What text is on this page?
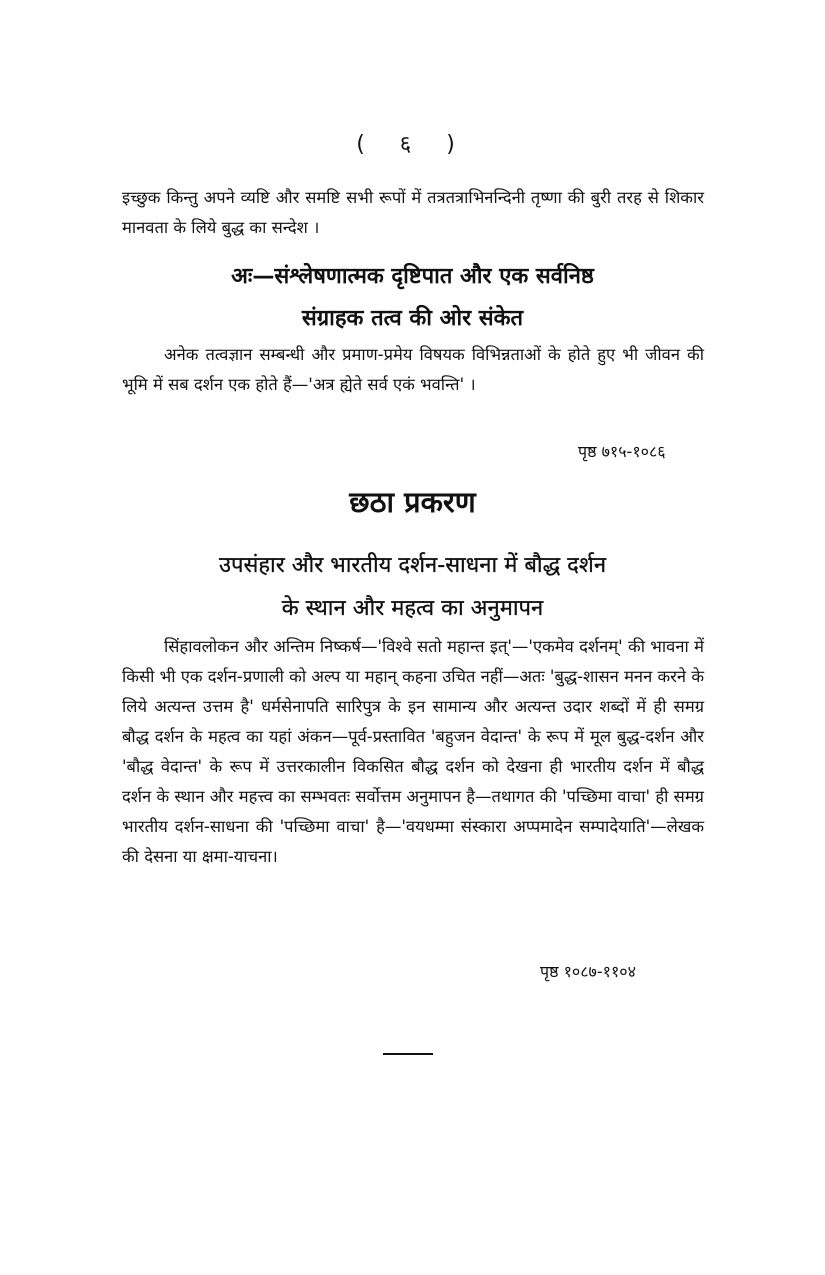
( ६ )

इच्छुक किन्तु अपने व्यष्टि और समष्टि सभी रूपों में तत्रतत्राभिनन्दिनी तृष्णा की बुरी तरह से शिकार मानवता के लिये बुद्ध का सन्देश ।

अः—संश्लेषणात्मक दृष्टिपात और एक सर्वनिष्ठ
संग्राहक तत्व की ओर संकेत

अनेक तत्वज्ञान सम्बन्धी और प्रमाण-प्रमेय विषयक विभिन्नताओं के होते हुए भी जीवन की भूमि में सब दर्शन एक होते हैं—'अत्र ह्येते सर्व एकं भवन्ति' ।

पृष्ठ ७१५-१०८६

छठा प्रकरण
उपसंहार और भारतीय दर्शन-साधना में बौद्ध दर्शन
के स्थान और महत्व का अनुमापन

सिंहावलोकन और अन्तिम निष्कर्ष—'विश्वे सतो महान्त इत्'—'एकमेव दर्शनम्' की भावना में किसी भी एक दर्शन-प्रणाली को अल्प या महान् कहना उचित नहीं—अतः 'बुद्ध-शासन मनन करने के लिये अत्यन्त उत्तम है' धर्मसेनापति सारिपुत्र के इन सामान्य और अत्यन्त उदार शब्दों में ही समग्र बौद्ध दर्शन के महत्व का यहां अंकन—पूर्व-प्रस्तावित 'बहुजन वेदान्त' के रूप में मूल बुद्ध-दर्शन और 'बौद्ध वेदान्त' के रूप में उत्तरकालीन विकसित बौद्ध दर्शन को देखना ही भारतीय दर्शन में बौद्ध दर्शन के स्थान और महत्त्व का सम्भवतः सर्वोत्तम अनुमापन है—तथागत की 'पच्छिमा वाचा' ही समग्र भारतीय दर्शन-साधना की 'पच्छिमा वाचा' है—'वयधम्मा संस्कारा अप्पमादेन सम्पादेयाति'—लेखक की देसना या क्षमा-याचना।

पृष्ठ १०८७-११०४
